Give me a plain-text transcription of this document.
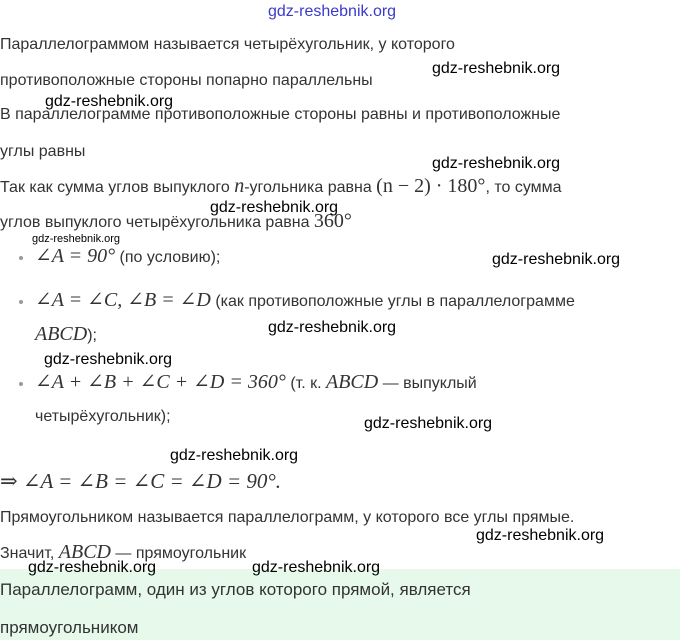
gdz-reshebnik.org
Параллелограммом называется четырёхугольник, у которого
противоположные стороны попарно параллельны
В параллелограмме противоположные стороны равны и противоположные
углы равны
Так как сумма углов выпуклого n-угольника равна (n − 2) · 180°, то сумма
углов выпуклого четырёхугольника равна 360°
∠A = 90° (по условию);
∠A = ∠C, ∠B = ∠D (как противоположные углы в параллелограмме
ABCD);
∠A + ∠B + ∠C + ∠D = 360° (т. к. ABCD — выпуклый
четырёхугольник);
⇒ ∠A = ∠B = ∠C = ∠D = 90°.
Прямоугольником называется параллелограмм, у которого все углы прямые.
Значит, ABCD — прямоугольник
Параллелограмм, один из углов которого прямой, является
прямоугольником
gdz-reshebnik.org
gdz-reshebnik.org
gdz-reshebnik.org
gdz-reshebnik.org
gdz-reshebnik.org
gdz-reshebnik.org
gdz-reshebnik.org
gdz-reshebnik.org
gdz-reshebnik.org
gdz-reshebnik.org
gdz-reshebnik.org
gdz-reshebnik.org	gdz-reshebnik.org
